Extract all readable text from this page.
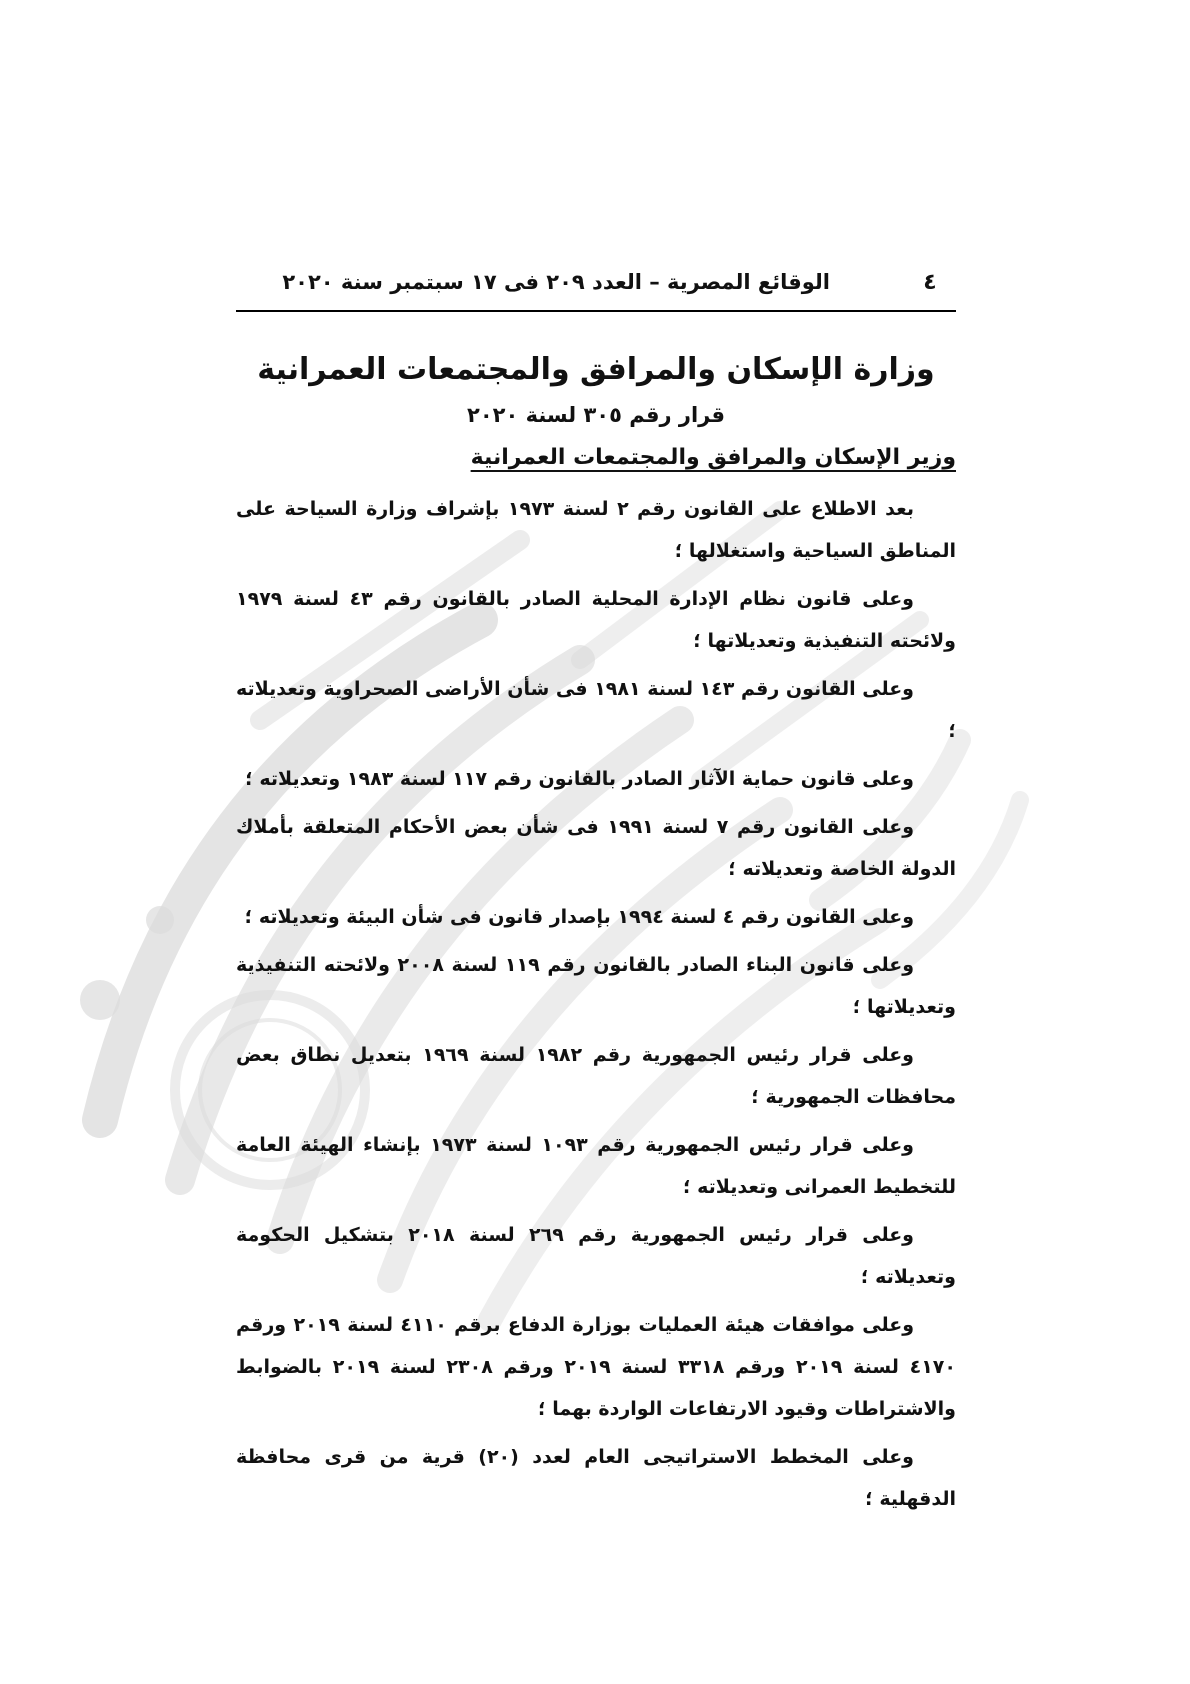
٤
الوقائع المصرية – العدد ٢٠٩ فى ١٧ سبتمبر سنة ٢٠٢٠
وزارة الإسكان والمرافق والمجتمعات العمرانية
قرار رقم ٣٠٥ لسنة ٢٠٢٠
وزير الإسكان والمرافق والمجتمعات العمرانية

بعد الاطلاع على القانون رقم ٢ لسنة ١٩٧٣ بإشراف وزارة السياحة على المناطق السياحية واستغلالها ؛

وعلى قانون نظام الإدارة المحلية الصادر بالقانون رقم ٤٣ لسنة ١٩٧٩ ولائحته التنفيذية وتعديلاتها ؛

وعلى القانون رقم ١٤٣ لسنة ١٩٨١ فى شأن الأراضى الصحراوية وتعديلاته ؛

وعلى قانون حماية الآثار الصادر بالقانون رقم ١١٧ لسنة ١٩٨٣ وتعديلاته ؛

وعلى القانون رقم ٧ لسنة ١٩٩١ فى شأن بعض الأحكام المتعلقة بأملاك الدولة الخاصة وتعديلاته ؛

وعلى القانون رقم ٤ لسنة ١٩٩٤ بإصدار قانون فى شأن البيئة وتعديلاته ؛

وعلى قانون البناء الصادر بالقانون رقم ١١٩ لسنة ٢٠٠٨ ولائحته التنفيذية وتعديلاتها ؛

وعلى قرار رئيس الجمهورية رقم ١٩٨٢ لسنة ١٩٦٩ بتعديل نطاق بعض محافظات الجمهورية ؛

وعلى قرار رئيس الجمهورية رقم ١٠٩٣ لسنة ١٩٧٣ بإنشاء الهيئة العامة للتخطيط العمرانى وتعديلاته ؛

وعلى قرار رئيس الجمهورية رقم ٢٦٩ لسنة ٢٠١٨ بتشكيل الحكومة وتعديلاته ؛

وعلى موافقات هيئة العمليات بوزارة الدفاع برقم ٤١١٠ لسنة ٢٠١٩ ورقم ٤١٧٠ لسنة ٢٠١٩ ورقم ٣٣١٨ لسنة ٢٠١٩ ورقم ٢٣٠٨ لسنة ٢٠١٩ بالضوابط والاشتراطات وقيود الارتفاعات الواردة بهما ؛

وعلى المخطط الاستراتيجى العام لعدد (٢٠) قرية من قرى محافظة الدقهلية ؛
